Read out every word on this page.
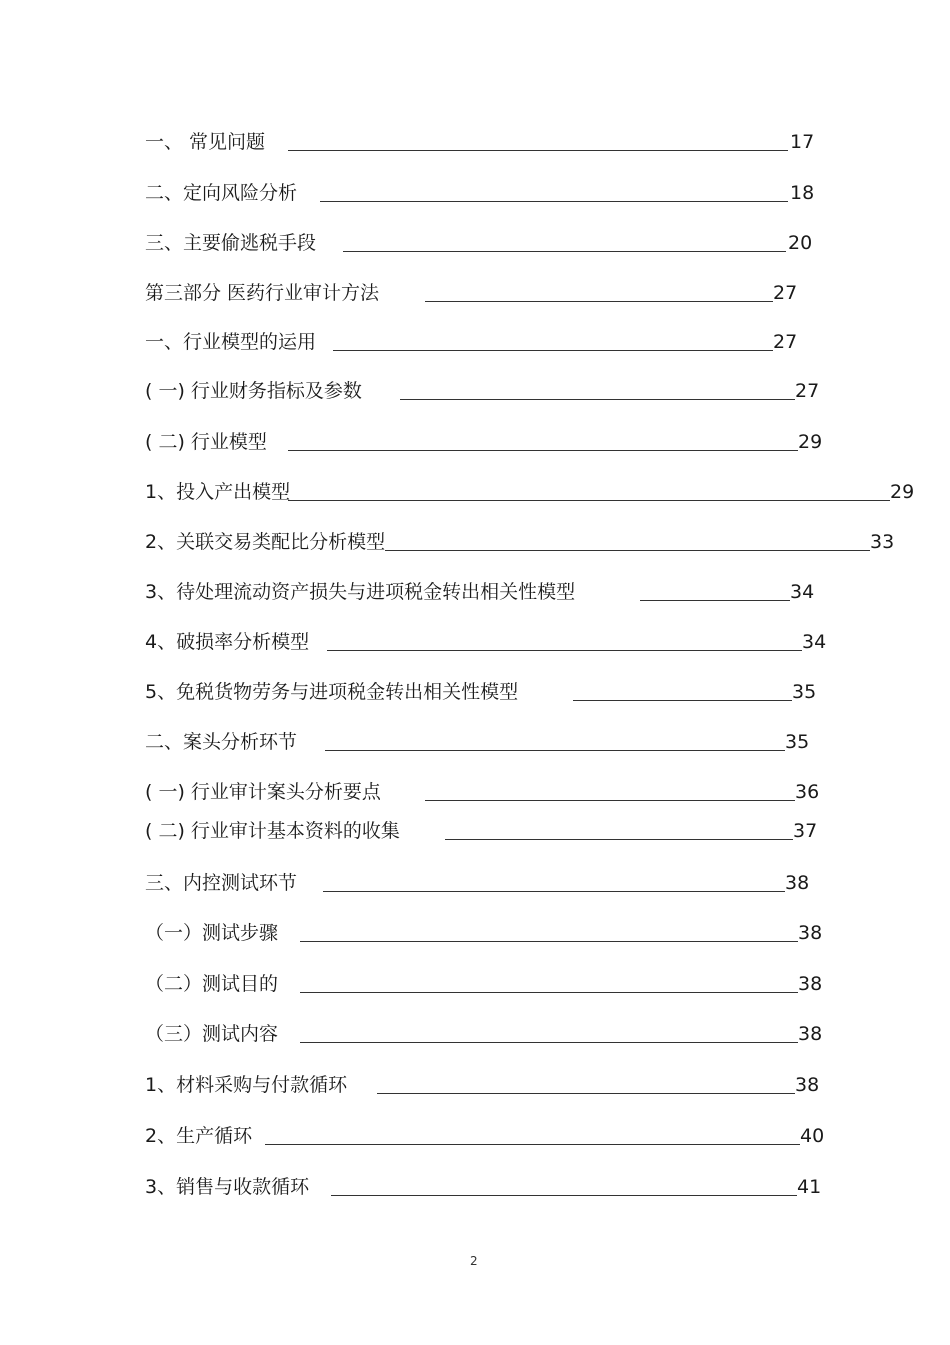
一、 常见问题	17
二、定向风险分析	18
三、主要偷逃税手段	20
第三部分 医药行业审计方法	27
一、行业模型的运用	27
( 一) 行业财务指标及参数	27
( 二) 行业模型	29
1、投入产出模型	29
2、关联交易类配比分析模型	33
3、待处理流动资产损失与进项税金转出相关性模型	34
4、破损率分析模型	34
5、免税货物劳务与进项税金转出相关性模型	35
二、案头分析环节	35
( 一) 行业审计案头分析要点	36
( 二) 行业审计基本资料的收集	37
三、内控测试环节	38
（一）测试步骤	38
（二）测试目的	38
（三）测试内容	38
1、材料采购与付款循环	38
2、生产循环	40
3、销售与收款循环	41
2
